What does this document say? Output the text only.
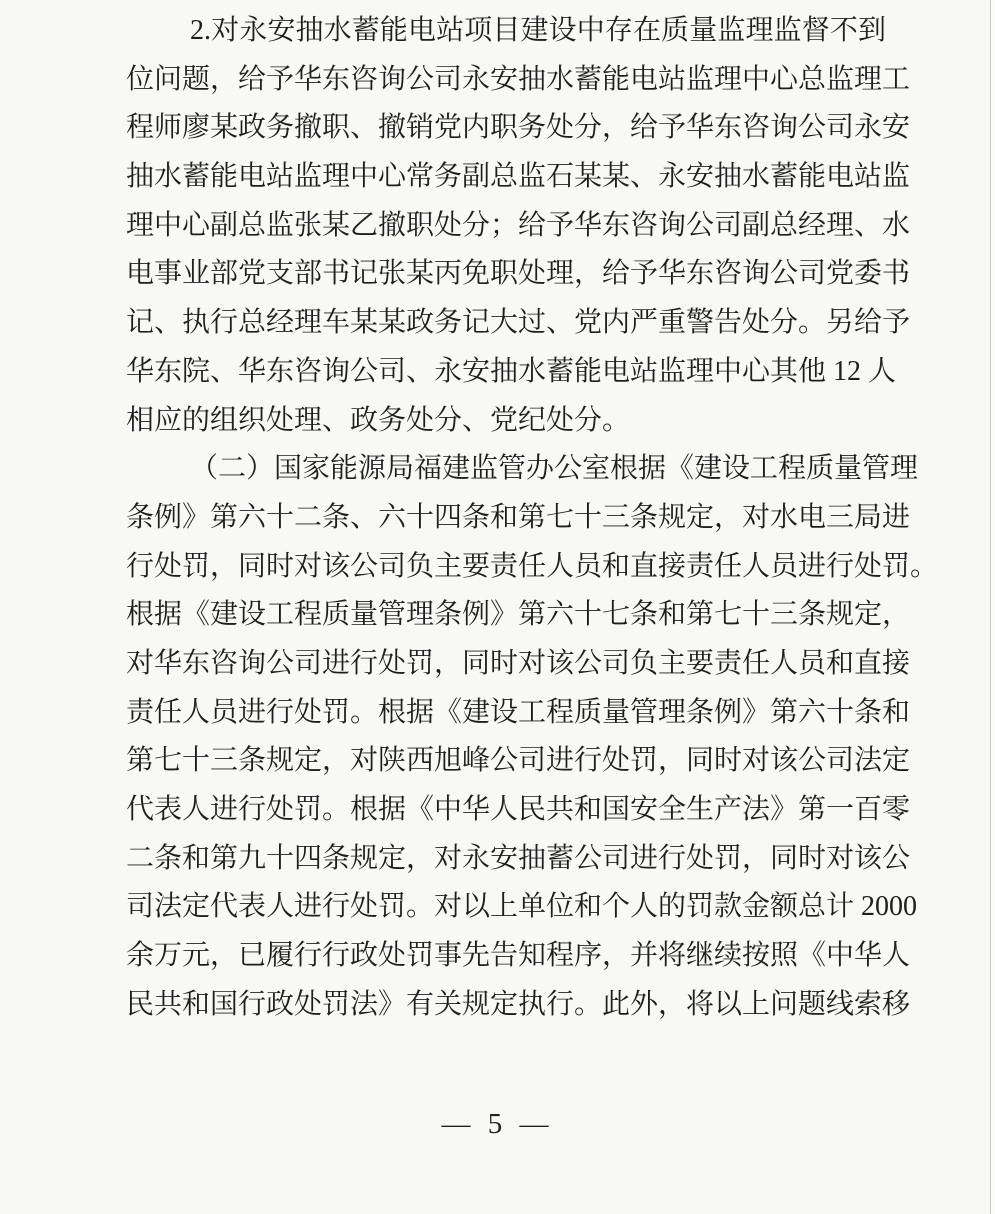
2.对永安抽水蓄能电站项目建设中存在质量监理监督不到
位问题，给予华东咨询公司永安抽水蓄能电站监理中心总监理工
程师廖某政务撤职、撤销党内职务处分，给予华东咨询公司永安
抽水蓄能电站监理中心常务副总监石某某、永安抽水蓄能电站监
理中心副总监张某乙撤职处分；给予华东咨询公司副总经理、水
电事业部党支部书记张某丙免职处理，给予华东咨询公司党委书
记、执行总经理车某某政务记大过、党内严重警告处分。另给予
华东院、华东咨询公司、永安抽水蓄能电站监理中心其他 12 人
相应的组织处理、政务处分、党纪处分。
（二）国家能源局福建监管办公室根据《建设工程质量管理
条例》第六十二条、六十四条和第七十三条规定，对水电三局进
行处罚，同时对该公司负主要责任人员和直接责任人员进行处罚。
根据《建设工程质量管理条例》第六十七条和第七十三条规定，
对华东咨询公司进行处罚，同时对该公司负主要责任人员和直接
责任人员进行处罚。根据《建设工程质量管理条例》第六十条和
第七十三条规定，对陕西旭峰公司进行处罚，同时对该公司法定
代表人进行处罚。根据《中华人民共和国安全生产法》第一百零
二条和第九十四条规定，对永安抽蓄公司进行处罚，同时对该公
司法定代表人进行处罚。对以上单位和个人的罚款金额总计 2000
余万元，已履行行政处罚事先告知程序，并将继续按照《中华人
民共和国行政处罚法》有关规定执行。此外，将以上问题线索移
— 5 —
